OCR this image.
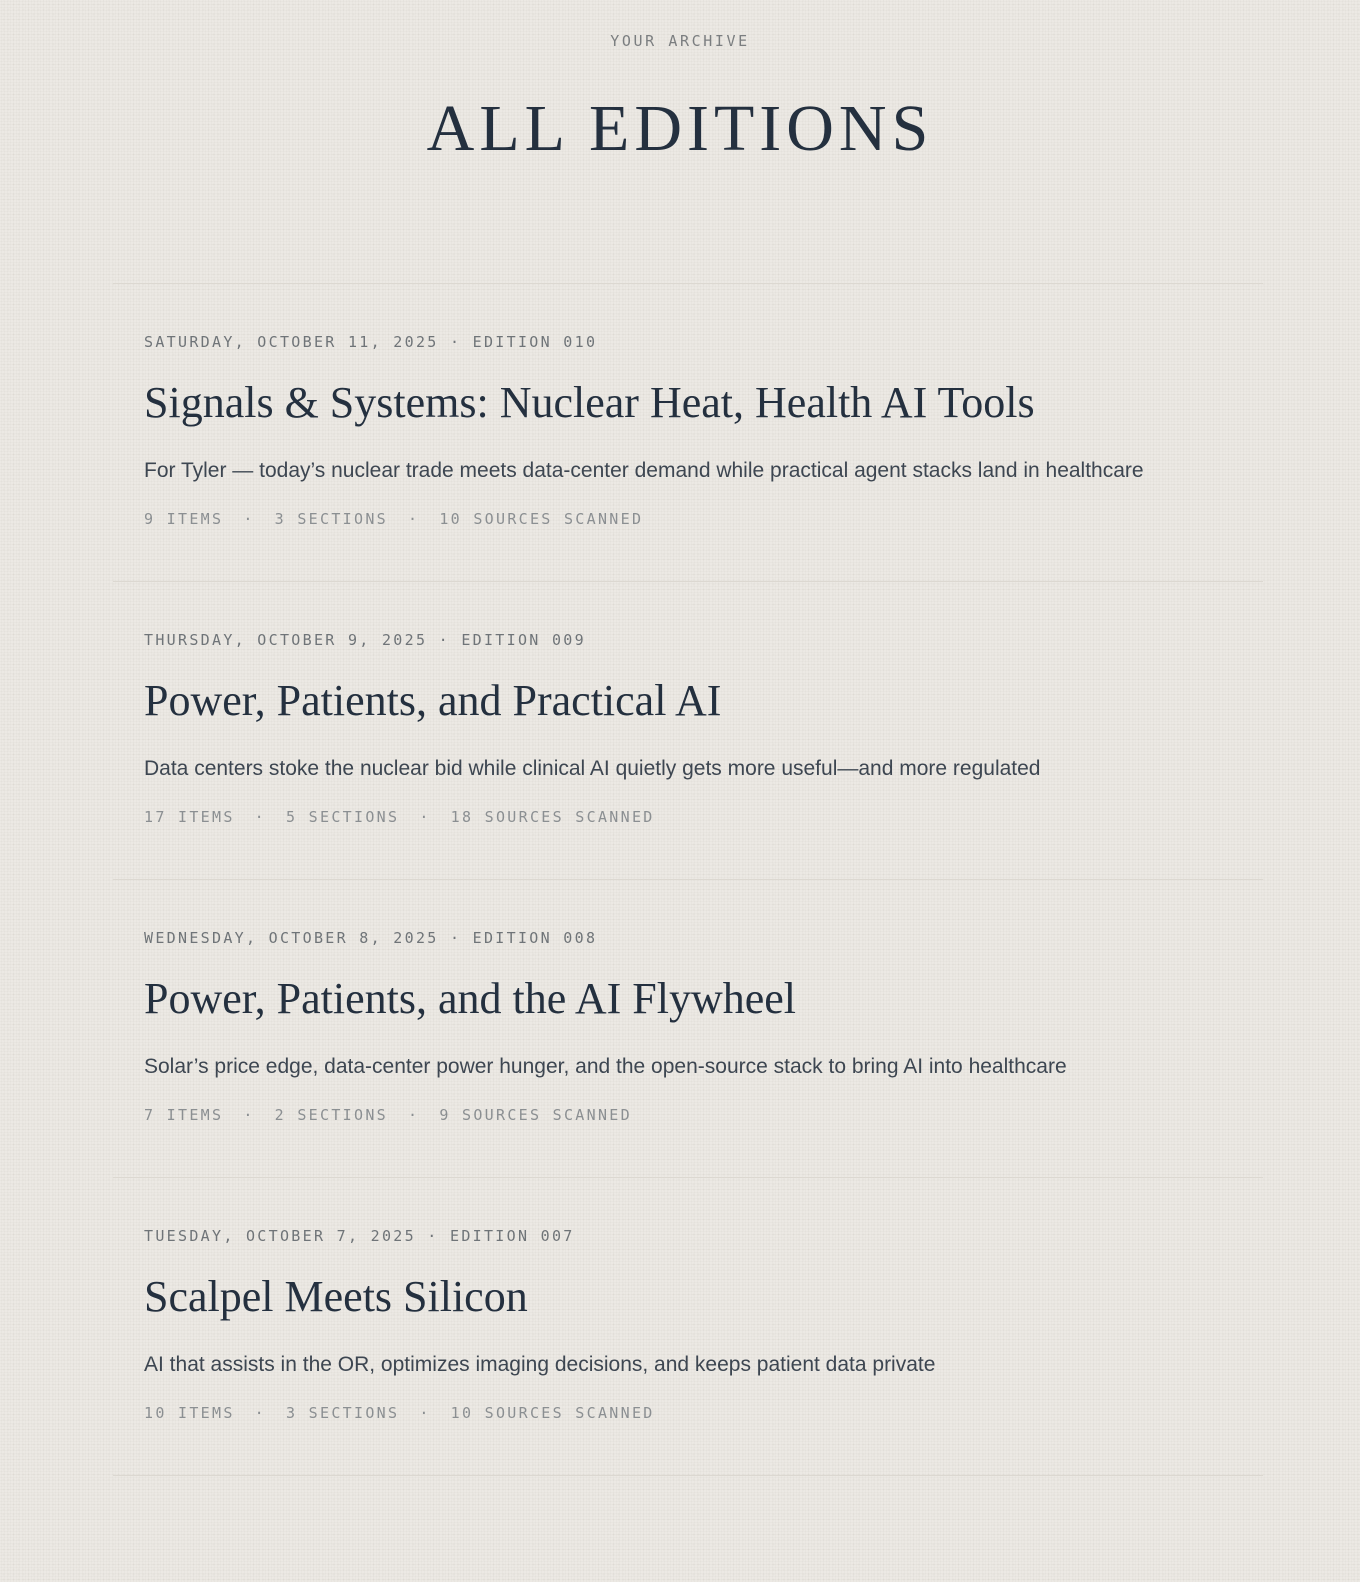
YOUR ARCHIVE

ALL EDITIONS

SATURDAY, OCTOBER 11, 2025 · EDITION 010

Signals & Systems: Nuclear Heat, Health AI Tools

For Tyler — today’s nuclear trade meets data-center demand while practical agent stacks land in healthcare

9 ITEMS · 3 SECTIONS · 10 SOURCES SCANNED

THURSDAY, OCTOBER 9, 2025 · EDITION 009

Power, Patients, and Practical AI

Data centers stoke the nuclear bid while clinical AI quietly gets more useful—and more regulated

17 ITEMS · 5 SECTIONS · 18 SOURCES SCANNED

WEDNESDAY, OCTOBER 8, 2025 · EDITION 008

Power, Patients, and the AI Flywheel

Solar’s price edge, data-center power hunger, and the open-source stack to bring AI into healthcare

7 ITEMS · 2 SECTIONS · 9 SOURCES SCANNED

TUESDAY, OCTOBER 7, 2025 · EDITION 007

Scalpel Meets Silicon

AI that assists in the OR, optimizes imaging decisions, and keeps patient data private

10 ITEMS · 3 SECTIONS · 10 SOURCES SCANNED
